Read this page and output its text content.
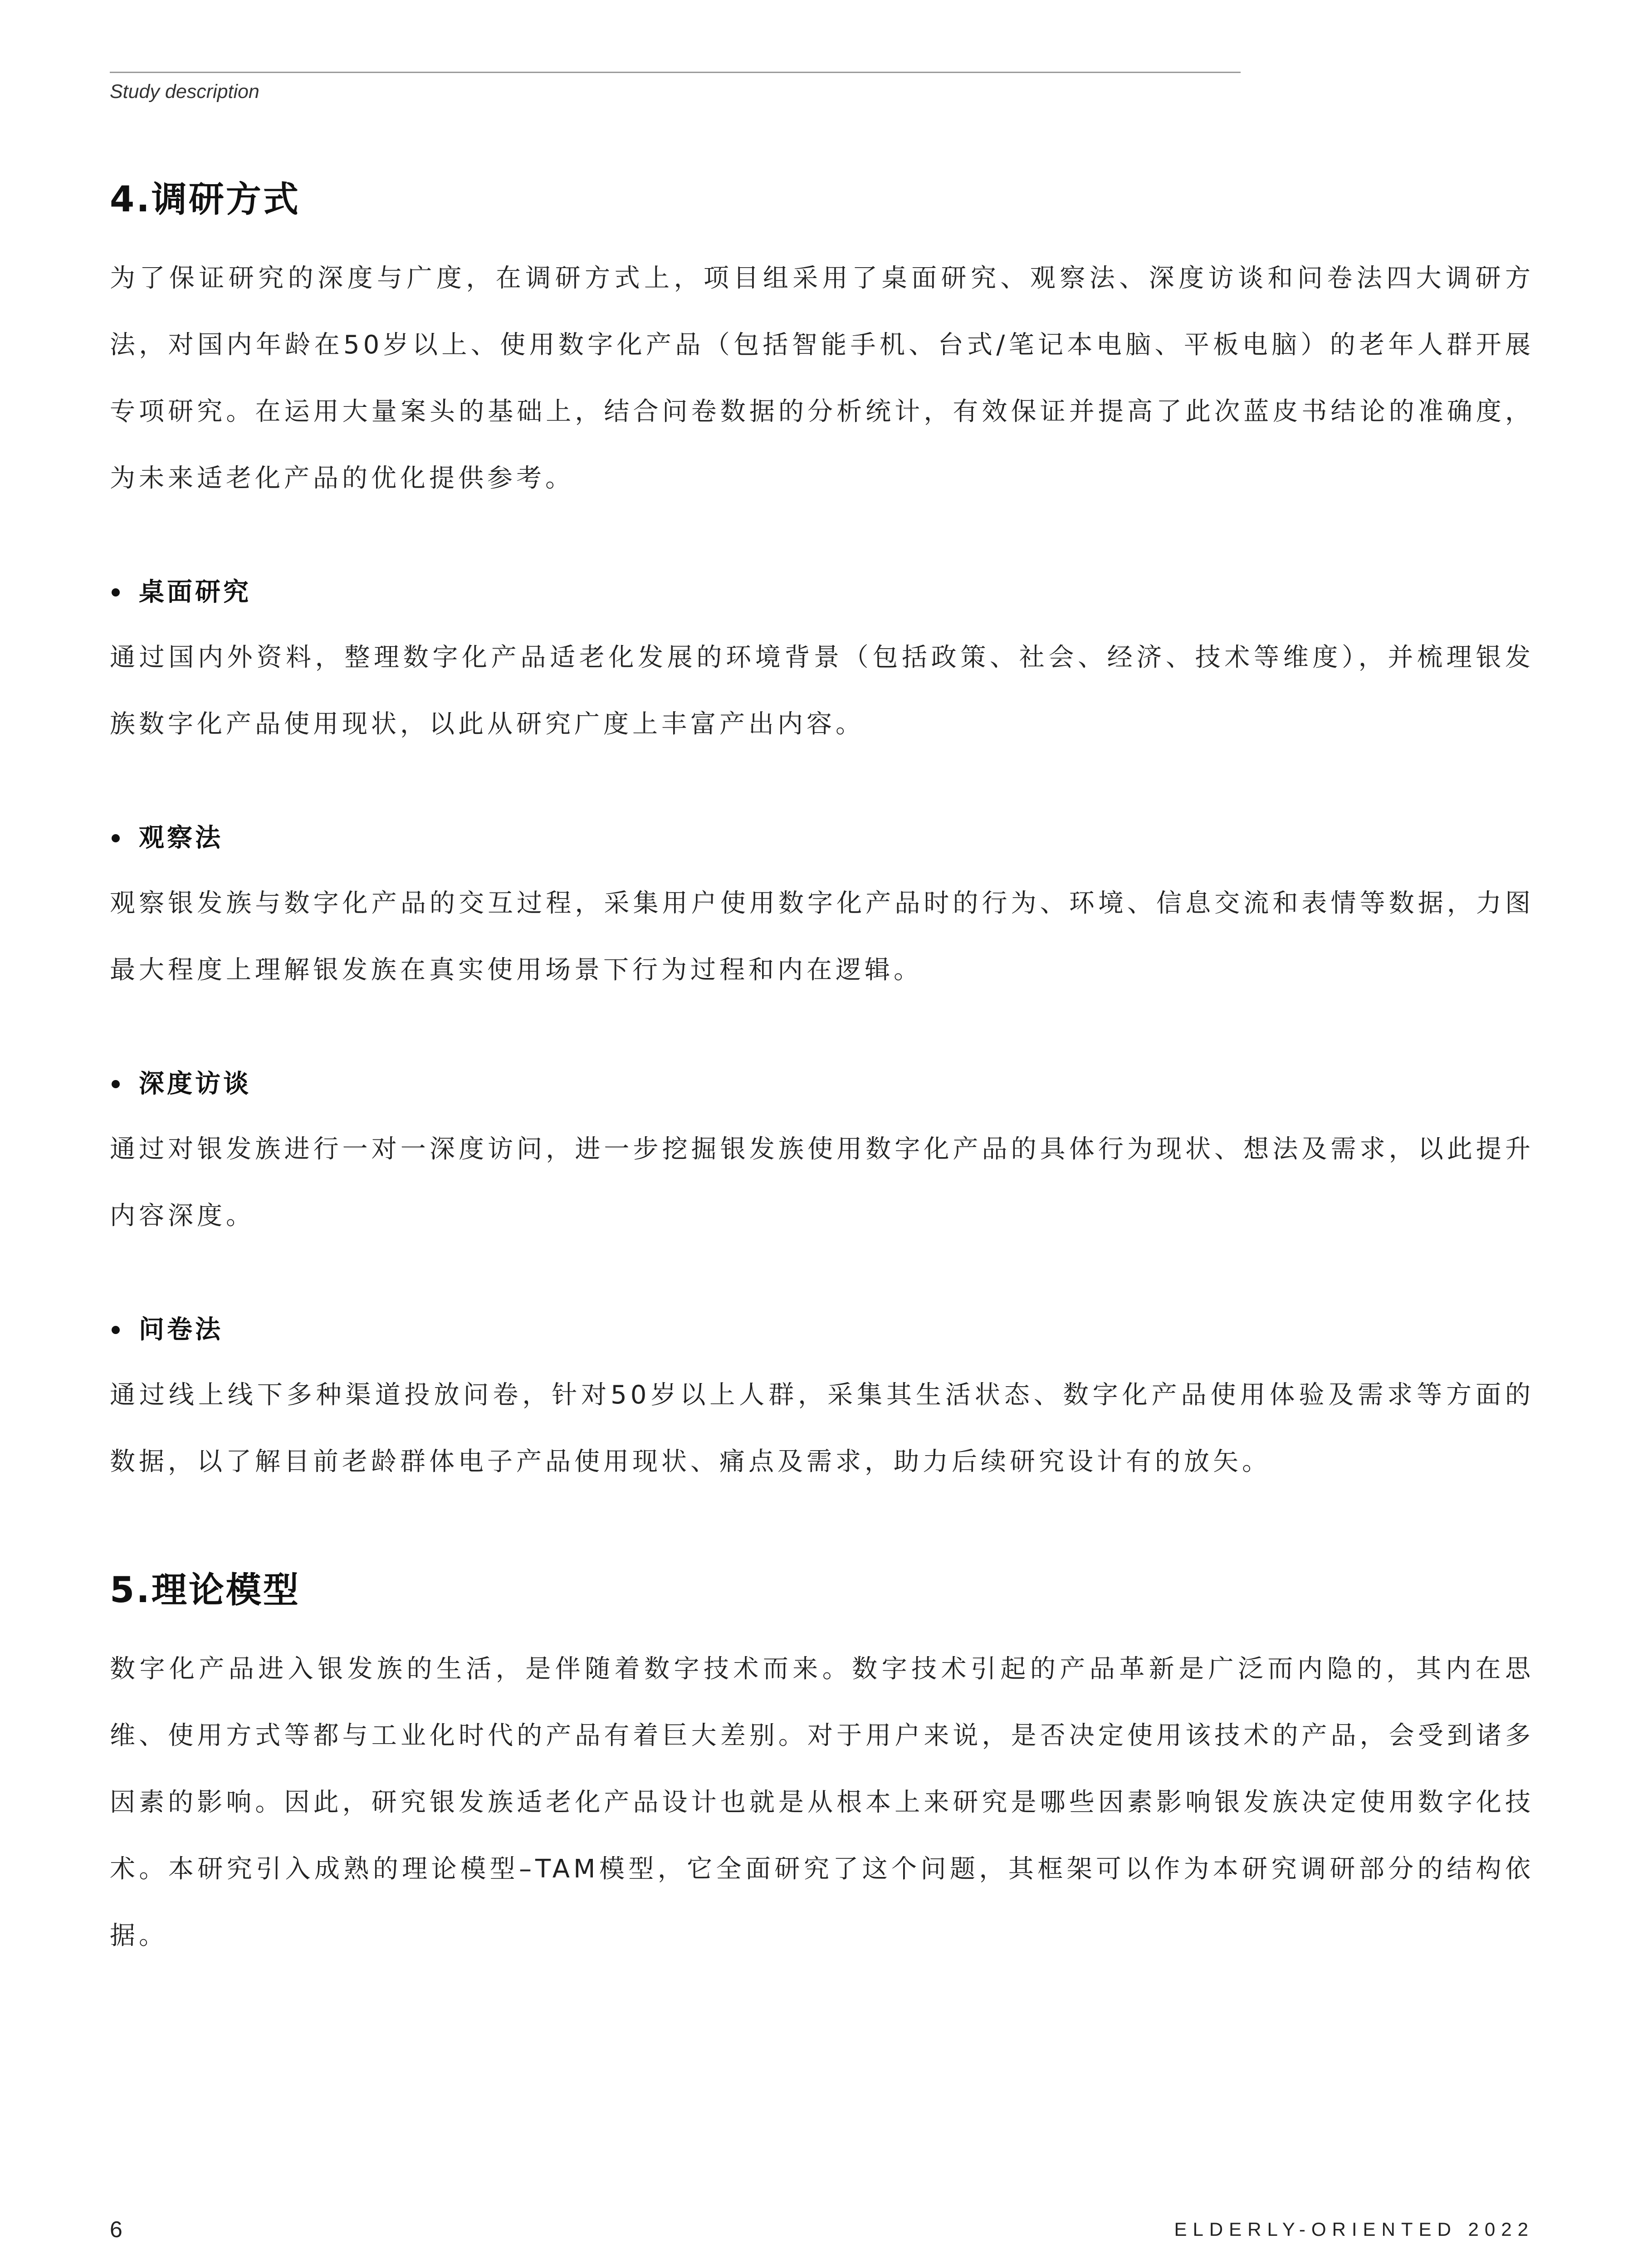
Study description
4.调研方式

为了保证研究的深度与广度，在调研方式上，项目组采用了桌面研究、观察法、深度访谈和问卷法四大调研方法，对国内年龄在50岁以上、使用数字化产品（包括智能手机、台式/笔记本电脑、平板电脑）的老年人群开展专项研究。在运用大量案头的基础上，结合问卷数据的分析统计，有效保证并提高了此次蓝皮书结论的准确度，为未来适老化产品的优化提供参考。

桌面研究

通过国内外资料，整理数字化产品适老化发展的环境背景（包括政策、社会、经济、技术等维度），并梳理银发族数字化产品使用现状，以此从研究广度上丰富产出内容。

观察法

观察银发族与数字化产品的交互过程，采集用户使用数字化产品时的行为、环境、信息交流和表情等数据，力图最大程度上理解银发族在真实使用场景下行为过程和内在逻辑。

深度访谈

通过对银发族进行一对一深度访问，进一步挖掘银发族使用数字化产品的具体行为现状、想法及需求，以此提升内容深度。

问卷法

通过线上线下多种渠道投放问卷，针对50岁以上人群，采集其生活状态、数字化产品使用体验及需求等方面的数据，以了解目前老龄群体电子产品使用现状、痛点及需求，助力后续研究设计有的放矢。

5.理论模型

数字化产品进入银发族的生活，是伴随着数字技术而来。数字技术引起的产品革新是广泛而内隐的，其内在思维、使用方式等都与工业化时代的产品有着巨大差别。对于用户来说，是否决定使用该技术的产品，会受到诸多因素的影响。因此，研究银发族适老化产品设计也就是从根本上来研究是哪些因素影响银发族决定使用数字化技术。本研究引入成熟的理论模型–TAM模型，它全面研究了这个问题，其框架可以作为本研究调研部分的结构依据。

6	ELDERLY-ORIENTED 2022
